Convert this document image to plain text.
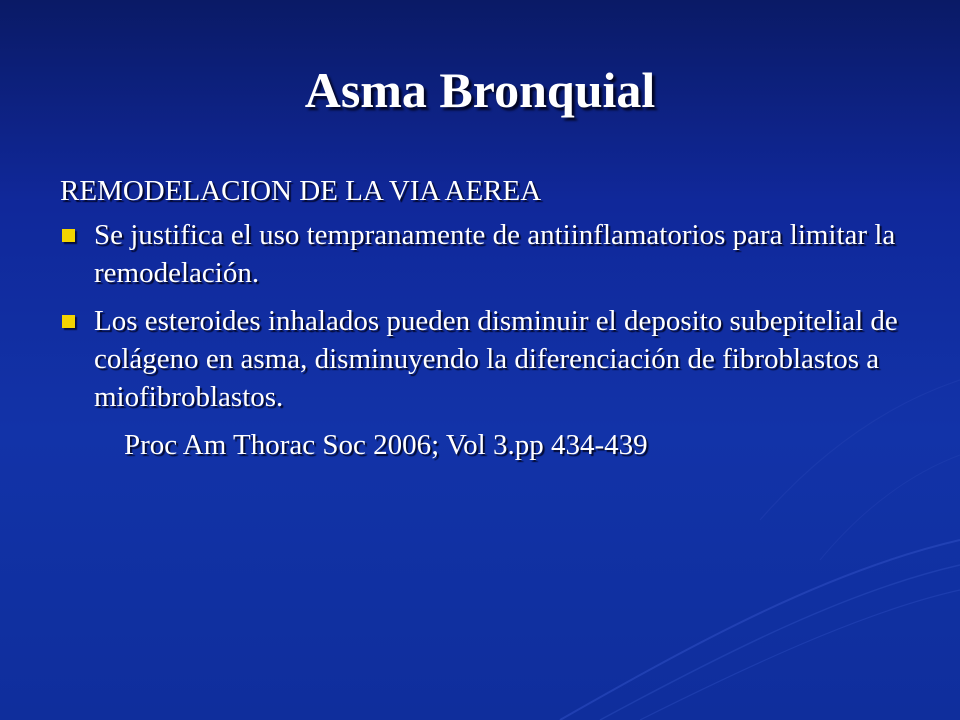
Asma Bronquial

REMODELACION DE LA VIA AEREA

Se justifica el uso tempranamente de antiinflamatorios para limitar la remodelación.
Los esteroides inhalados pueden disminuir el deposito subepitelial de colágeno en asma, disminuyendo la diferenciación de fibroblastos a miofibroblastos.

Proc Am Thorac Soc 2006; Vol 3.pp 434-439
